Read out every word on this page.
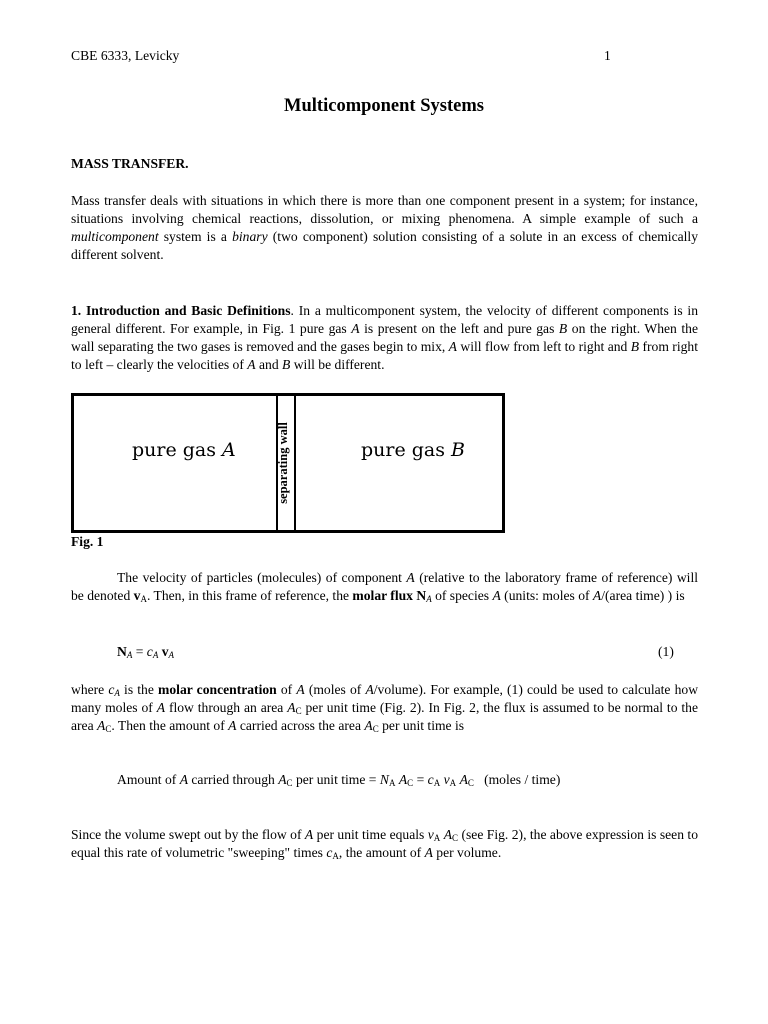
CBE 6333, Levicky	1
Multicomponent Systems
MASS TRANSFER.
Mass transfer deals with situations in which there is more than one component present in a system; for instance, situations involving chemical reactions, dissolution, or mixing phenomena. A simple example of such a multicomponent system is a binary (two component) solution consisting of a solute in an excess of chemically different solvent.
1. Introduction and Basic Definitions. In a multicomponent system, the velocity of different components is in general different. For example, in Fig. 1 pure gas A is present on the left and pure gas B on the right. When the wall separating the two gases is removed and the gases begin to mix, A will flow from left to right and B from right to left – clearly the velocities of A and B will be different.
pure gas A	separating wall	pure gas B
Fig. 1
The velocity of particles (molecules) of component A (relative to the laboratory frame of reference) will be denoted $v_A$. Then, in this frame of reference, the molar flux $N_A$ of species A (units: moles of A/(area time) ) is
$N_A = c_A$ $v_A$	(1)
where $c_A$ is the molar concentration of A (moles of A/volume). For example, (1) could be used to calculate how many moles of A flow through an area $A_C$ per unit time (Fig. 2). In Fig. 2, the flux is assumed to be normal to the area $A_C$. Then the amount of A carried across the area $A_C$ per unit time is
Amount of A carried through $A_C$ per unit time = $N_A$ $A_C = c_A$ $v_A$ $A_C$   (moles / time)
Since the volume swept out by the flow of A per unit time equals $v_A$ $A_C$ (see Fig. 2), the above expression is seen to equal this rate of volumetric "sweeping" times $c_A$, the amount of A per volume.
